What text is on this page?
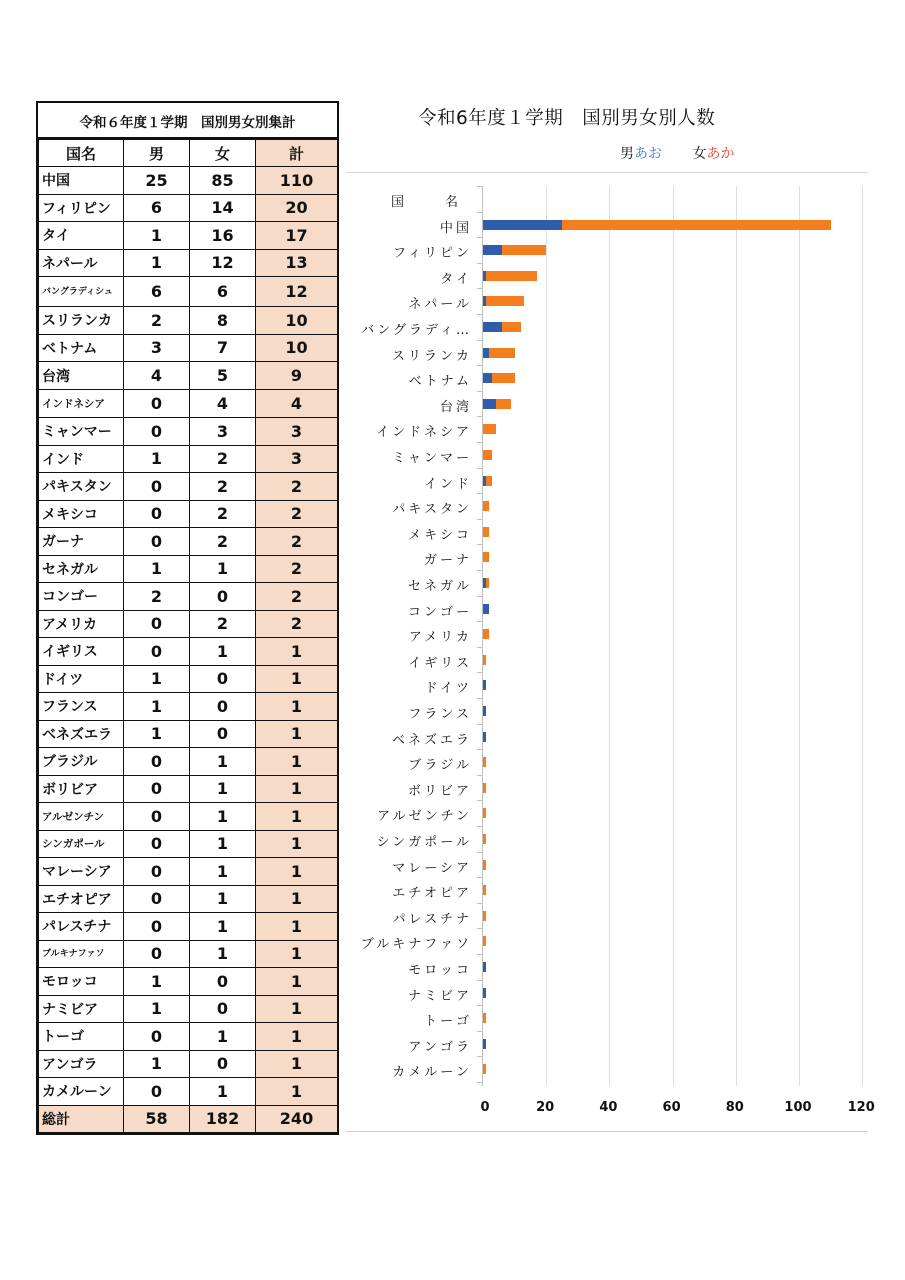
令和６年度１学期　国別男女別集計
国名	男	女	計
中国	25	85	110
フィリピン	6	14	20
タイ	1	16	17
ネパール	1	12	13
バングラディシュ	6	6	12
スリランカ	2	8	10
ベトナム	3	7	10
台湾	4	5	9
インドネシア	0	4	4
ミャンマー	0	3	3
インド	1	2	3
パキスタン	0	2	2
メキシコ	0	2	2
ガーナ	0	2	2
セネガル	1	1	2
コンゴー	2	0	2
アメリカ	0	2	2
イギリス	0	1	1
ドイツ	1	0	1
フランス	1	0	1
ベネズエラ	1	0	1
ブラジル	0	1	1
ボリビア	0	1	1
アルゼンチン	0	1	1
シンガポール	0	1	1
マレーシア	0	1	1
エチオピア	0	1	1
パレスチナ	0	1	1
ブルキナファソ	0	1	1
モロッコ	1	0	1
ナミビア	1	0	1
トーゴ	0	1	1
アンゴラ	1	0	1
カメルーン	0	1	1
総計	58	182	240
令和6年度１学期　国別男女別人数
男あお 女あか
0	20	40	60	80	100	120
国　名
中国
フィリピン
タイ
ネパール
バングラディ…
スリランカ
ベトナム
台湾
インドネシア
ミャンマー
インド
パキスタン
メキシコ
ガーナ
セネガル
コンゴー
アメリカ
イギリス
ドイツ
フランス
ベネズエラ
ブラジル
ボリビア
アルゼンチン
シンガポール
マレーシア
エチオピア
パレスチナ
ブルキナファソ
モロッコ
ナミビア
トーゴ
アンゴラ
カメルーン
